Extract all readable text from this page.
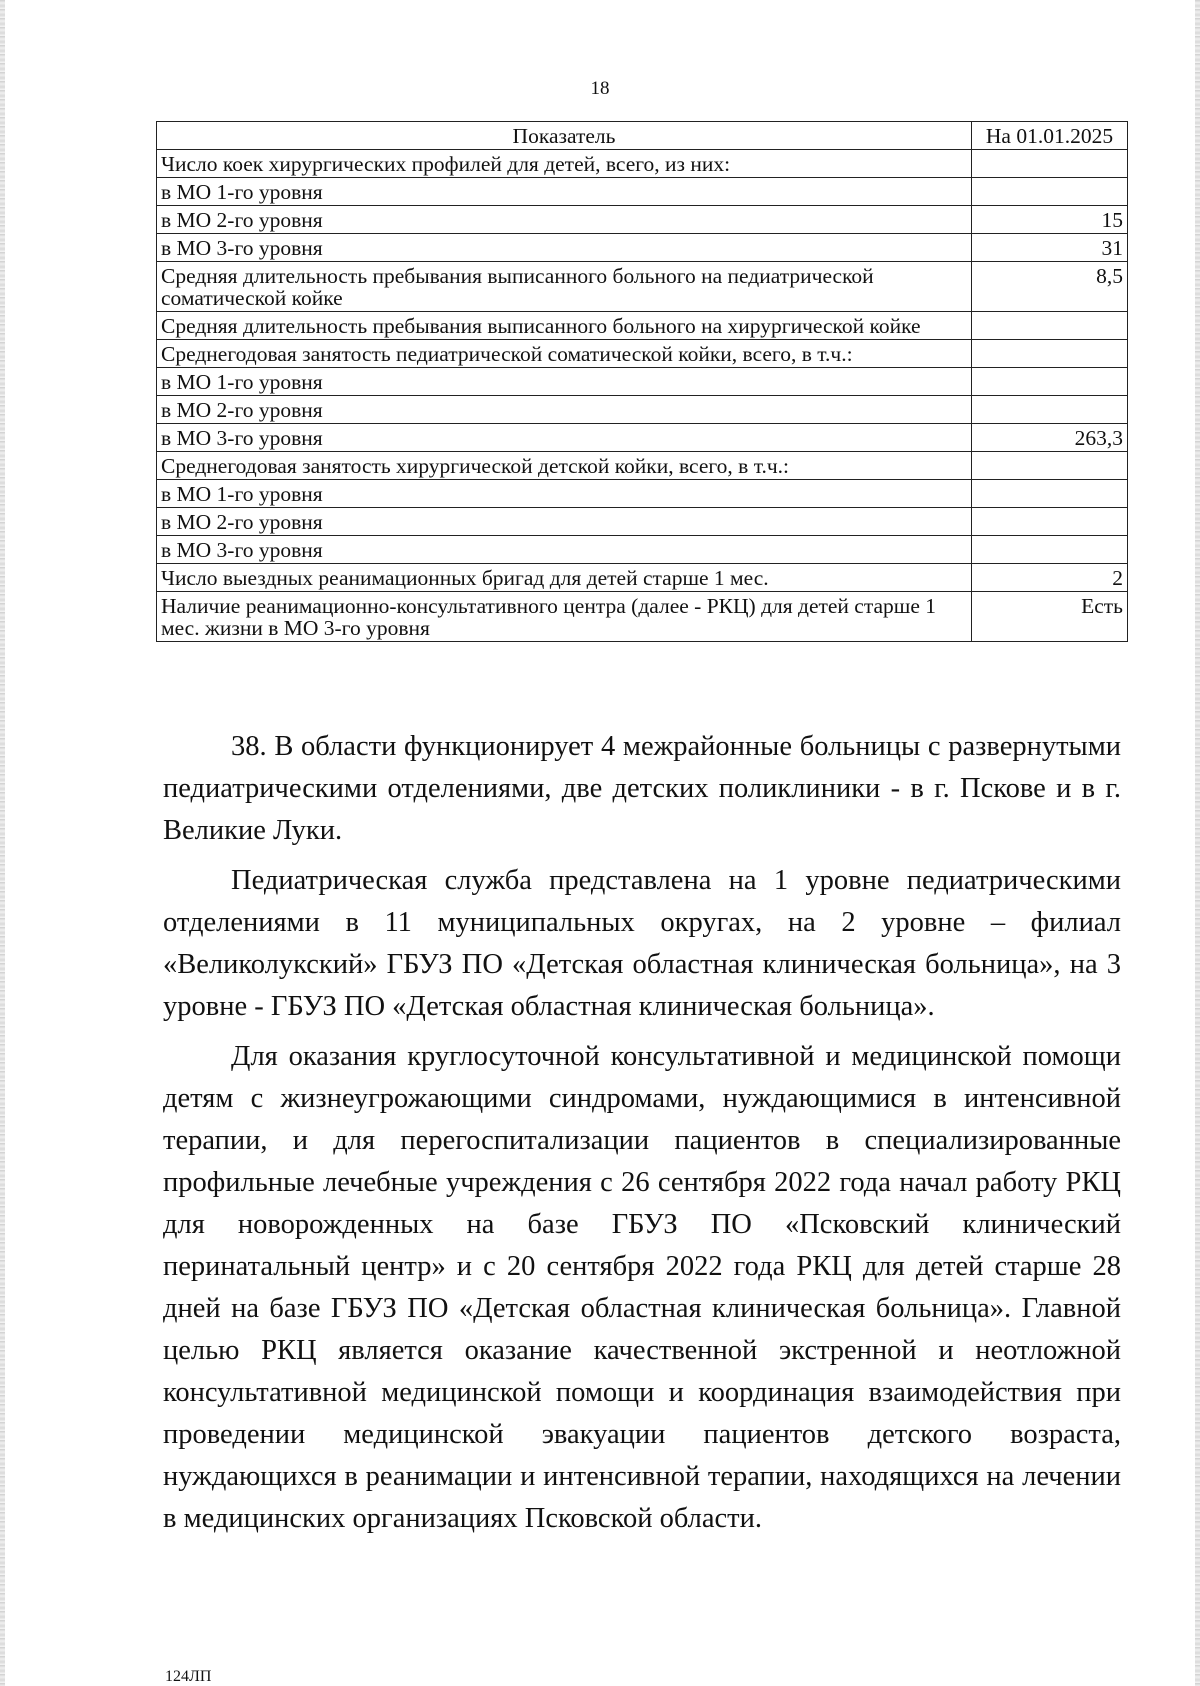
18
Показатель	На 01.01.2025
Число коек хирургических профилей для детей, всего, из них:	
в МО 1-го уровня	
в МО 2-го уровня	15
в МО 3-го уровня	31
Средняя длительность пребывания выписанного больного на педиатрической соматической койке	8,5
Средняя длительность пребывания выписанного больного на хирургической койке	
Среднегодовая занятость педиатрической соматической койки, всего, в т.ч.:	
в МО 1-го уровня	
в МО 2-го уровня	
в МО 3-го уровня	263,3
Среднегодовая занятость хирургической детской койки, всего, в т.ч.:	
в МО 1-го уровня	
в МО 2-го уровня	
в МО 3-го уровня	
Число выездных реанимационных бригад для детей старше 1 мес.	2
Наличие реанимационно-консультативного центра (далее - РКЦ) для детей старше 1 мес. жизни в МО 3-го уровня	Есть

38. В области функционирует 4 межрайонные больницы с развернутыми педиатрическими отделениями, две детских поликлиники - в г. Пскове и в г. Великие Луки.

Педиатрическая служба представлена на 1 уровне педиатрическими отделениями в 11 муниципальных округах, на 2 уровне – филиал «Великолукский» ГБУЗ ПО «Детская областная клиническая больница», на 3 уровне - ГБУЗ ПО «Детская областная клиническая больница».

Для оказания круглосуточной консультативной и медицинской помощи детям с жизнеугрожающими синдромами, нуждающимися в интенсивной терапии, и для перегоспитализации пациентов в специализированные профильные лечебные учреждения с 26 сентября 2022 года начал работу РКЦ для новорожденных на базе ГБУЗ ПО «Псковский клинический перинатальный центр» и с 20 сентября 2022 года РКЦ для детей старше 28 дней на базе ГБУЗ ПО «Детская областная клиническая больница». Главной целью РКЦ является оказание качественной экстренной и неотложной консультативной медицинской помощи и координация взаимодействия при проведении медицинской эвакуации пациентов детского возраста, нуждающихся в реанимации и интенсивной терапии, находящихся на лечении в медицинских организациях Псковской области.

124ЛП
